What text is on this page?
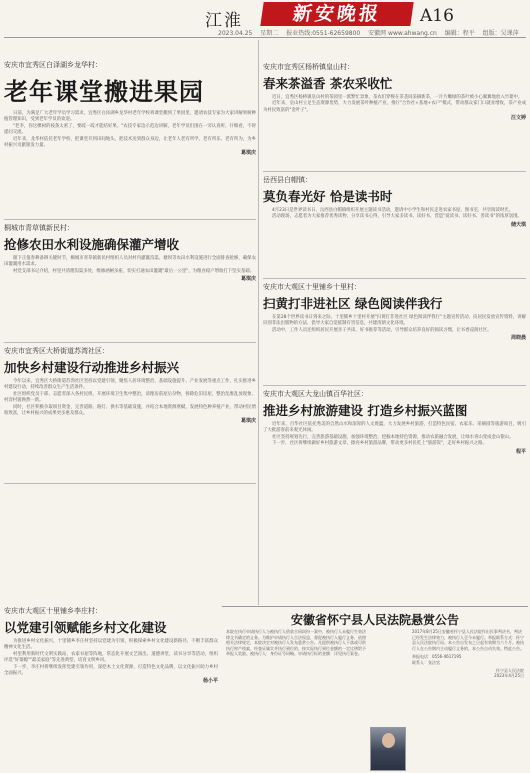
江淮	新安晚报	A16
2023.04.25 星期二 报业热线:0551-62659800 安徽网 www.ahwang.cn 编辑：程平 组版：吴课萍
安庆市宜秀区白泽湖乡龙华村：
老年课堂搬进果园

日前，为满足广大老年学员学习需求，宜秀区白泽湖乡龙华村老年学校将课堂搬到了果园里，邀请农技专家为大家讲解果树种植管理知识，受到老年学员的欢迎。

"老李，你这棵树的枝条太密了，要疏一疏才能结好果。"农技专家边示范边讲解，老年学员们围在一旁认真听、仔细看，不时提问交流。

近年来，龙华村依托老年学校，把课堂开到田间地头，把技术送到群众身边，让老年人老有所学、老有所乐、老有所为，为乡村振兴贡献银发力量。

葛琪庆
桐城市青草镇新民村：
抢修农田水利设施确保灌产增收

眼下正值春耕备耕关键时节，桐城市青草镇新民村组织人员对村内灌溉沟渠、塘坝等农田水利设施进行全面排查抢修，确保农田灌溉用水需求。

村党支部书记介绍，村里共清理沟渠多处，维修涵闸多座，切实打通农田灌溉"最后一公里"，为粮食稳产增收打下坚实基础。

葛琪庆
安庆市宜秀区大桥街道苏湾社区：
加快乡村建设行动推进乡村振兴

今年以来，宜秀区大桥街道苏湾社区坚持以党建引领，聚焦人居环境整治、基础设施提升、产业发展等重点工作，扎实推进乡村建设行动，持续改善群众生产生活条件。

社区组织党员干部、志愿者深入各村民组，开展环境卫生集中整治，清理房前屋后杂物，拆除危旧房屋，整治乱堆乱放现象，村容村貌焕然一新。

同时，社区积极争取项目资金，完善道路、路灯、供水等基础设施，并结合本地资源禀赋，发展特色种养殖产业，带动村民增收致富，让乡村振兴的成果更多惠及群众。

葛琪庆
安庆市大观区十里铺乡李庄村：
以党建引领赋能乡村文化建设

为推进乡村文化振兴，十里铺乡李庄村坚持以党建为引领，积极探索乡村文化建设新路径，不断丰富群众精神文化生活。

村里利用新时代文明实践站、农家书屋等阵地，常态化开展文艺演出、道德讲堂、读书分享等活动，组织评选"好婆媳""最美家庭"等先进典型，培育文明乡风。

下一步，李庄村将继续发挥党建引领作用，深挖本土文化资源，打造特色文化品牌，以文化振兴助力乡村全面振兴。

杨小平
安庆市宜秀区杨桥镇皇山村：
春来茶溢香 茶农采收忙

近日，宜秀区杨桥镇皇山村的茶园里一派繁忙景象，茶农们穿梭在茶垄间采摘新茶，一片片嫩绿的茶叶被小心翼翼地放入竹篓中。

近年来，皇山村立足生态资源优势，大力发展茶叶种植产业，推行"合作社+基地+农户"模式，带动群众家门口就业增收，茶产业成为村民致富的"金叶子"。

汪文婷
岳西县白帽镇：
莫负春光好 恰是读书时

4月23日是世界读书日，岳西县白帽镇组织开展主题读书活动，邀请中小学生和村民走进农家书屋、图书室，共享阅读时光。

活动现场，志愿者为大家推荐优秀读物，分享读书心得，引导大家多读书、读好书，营造"爱读书、读好书、善读书"的浓厚氛围。

储天琪
安庆市大观区十里铺乡十里村：
扫黄打非进社区 绿色阅读伴我行

在第28个世界读书日到来之际，十里铺乡十里村开展"扫黄打非进社区 绿色阅读伴我行"主题宣传活动，向居民发放宣传资料，讲解识别非法出版物的方法，倡导大家自觉抵制有害信息，共建清朗文化环境。

活动中，工作人员还组织居民开展亲子共读、好书推荐等活动，引导群众培养良好的阅读习惯，让书香浸润社区。

周晓晨
安庆市大观区大龙山镇百华社区：
推进乡村旅游建设 打造乡村振兴蓝图

近年来，百华社区依托秀美的自然山水和深厚的人文底蕴，大力发展乡村旅游，打造特色民宿、农家乐、采摘园等旅游项目，吸引了大批游客前来观光休闲。

社区坚持规划先行，完善旅游基础设施，加强环境整治，挖掘本地特色资源，推动农旅融合发展，让绿水青山变成金山银山。

下一步，社区将继续做好乡村旅游文章，擦亮乡村旅游品牌，带动更多村民吃上"旅游饭"，走好乡村振兴之路。

程平
安徽省怀宁县人民法院悬赏公告
本院在执行申请执行人与被执行人借款合同纠纷一案中，被执行人未履行生效法律文书确定的义务。为维护申请执行人合法权益，督促被执行人履行义务，依照相关法律规定，本院决定对被执行人发布悬赏公告。凡提供被执行人下落或可供执行财产线索，经查证属实并执行到位的，按实际执行到位金额的一定比例给予举报人奖励。被执行人：身份证号码略。申请执行标的金额：详见执行案卷。
2017年8月25日安徽省怀宁县人民法院作出民事判决书，判决已经发生法律效力，被执行人至今未履行。举报联系方式：怀宁县人民法院执行局。本公告自发布之日起有效期为六个月。被执行人在公告期内主动履行义务的，本公告自动失效。特此公告。
举报电话：0556-4617195
联系人：张法官
怀宁县人民法院
2023年4月25日
